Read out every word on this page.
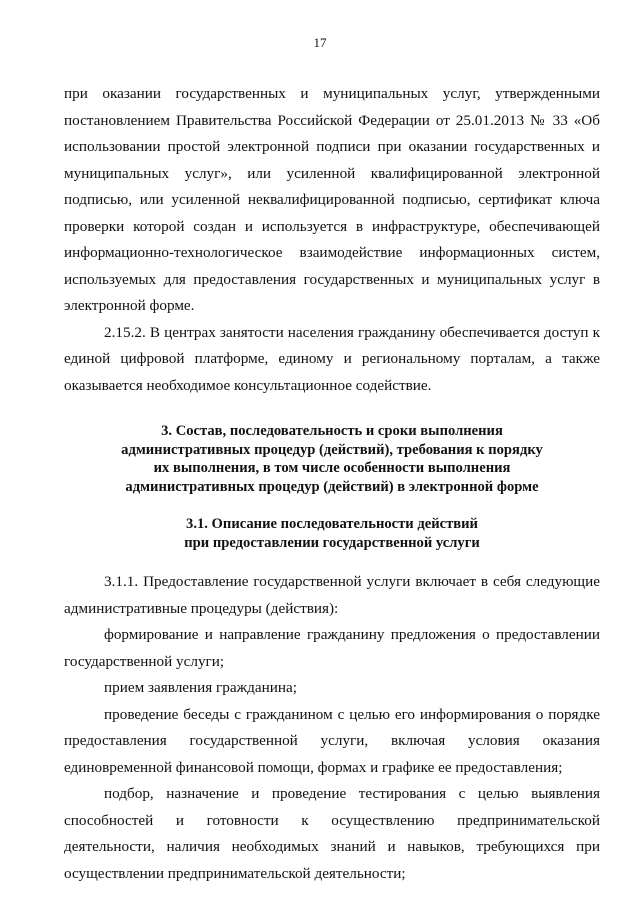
17

при оказании государственных и муниципальных услуг, утвержденными постановлением Правительства Российской Федерации от 25.01.2013 № 33 «Об использовании простой электронной подписи при оказании государственных и муниципальных услуг», или усиленной квалифицированной электронной подписью, или усиленной неквалифицированной подписью, сертификат ключа проверки которой создан и используется в инфраструктуре, обеспечивающей информационно-технологическое взаимодействие информационных систем, используемых для предоставления государственных и муниципальных услуг в электронной форме.

2.15.2. В центрах занятости населения гражданину обеспечивается доступ к единой цифровой платформе, единому и региональному порталам, а также оказывается необходимое консультационное содействие.

3. Состав, последовательность и сроки выполнения
административных процедур (действий), требования к порядку
их выполнения, в том числе особенности выполнения
административных процедур (действий) в электронной форме

3.1. Описание последовательности действий
при предоставлении государственной услуги

3.1.1. Предоставление государственной услуги включает в себя следующие административные процедуры (действия):

формирование и направление гражданину предложения о предоставлении государственной услуги;

прием заявления гражданина;

проведение беседы с гражданином с целью его информирования о порядке предоставления государственной услуги, включая условия оказания единовременной финансовой помощи, формах и графике ее предоставления;

подбор, назначение и проведение тестирования с целью выявления способностей и готовности к осуществлению предпринимательской деятельности, наличия необходимых знаний и навыков, требующихся при осуществлении предпринимательской деятельности;
